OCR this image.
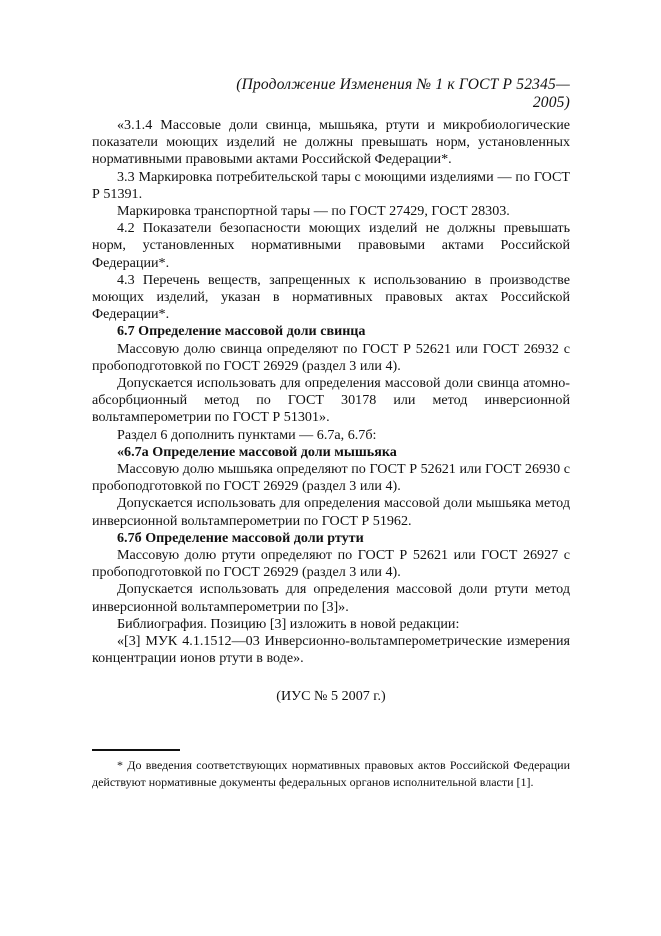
(Продолжение Изменения № 1 к ГОСТ Р 52345—2005)

«3.1.4 Массовые доли свинца, мышьяка, ртути и микробиологические показатели моющих изделий не должны превышать норм, установленных нормативными правовыми актами Российской Федерации*.

3.3 Маркировка потребительской тары с моющими изделиями — по ГОСТ Р 51391.

Маркировка транспортной тары — по ГОСТ 27429, ГОСТ 28303.

4.2 Показатели безопасности моющих изделий не должны превышать норм, установленных нормативными правовыми актами Российской Федерации*.

4.3 Перечень веществ, запрещенных к использованию в производстве моющих изделий, указан в нормативных правовых актах Российской Федерации*.

6.7 Определение массовой доли свинца

Массовую долю свинца определяют по ГОСТ Р 52621 или ГОСТ 26932 с пробоподготовкой по ГОСТ 26929 (раздел 3 или 4).

Допускается использовать для определения массовой доли свинца атомно-абсорбционный метод по ГОСТ 30178 или метод инверсионной вольтамперометрии по ГОСТ Р 51301».

Раздел 6 дополнить пунктами — 6.7а, 6.7б:

«6.7а Определение массовой доли мышьяка

Массовую долю мышьяка определяют по ГОСТ Р 52621 или ГОСТ 26930 с пробоподготовкой по ГОСТ 26929 (раздел 3 или 4).

Допускается использовать для определения массовой доли мышьяка метод инверсионной вольтамперометрии по ГОСТ Р 51962.

6.7б Определение массовой доли ртути

Массовую долю ртути определяют по ГОСТ Р 52621 или ГОСТ 26927 с пробоподготовкой по ГОСТ 26929 (раздел 3 или 4).

Допускается использовать для определения массовой доли ртути метод инверсионной вольтамперометрии по [3]».

Библиография. Позицию [3] изложить в новой редакции:

«[3] МУК 4.1.1512—03 Инверсионно-вольтамперометрические измерения концентрации ионов ртути в воде».

(ИУС № 5 2007 г.)

* До введения соответствующих нормативных правовых актов Российской Федерации действуют нормативные документы федеральных органов исполнительной власти [1].
